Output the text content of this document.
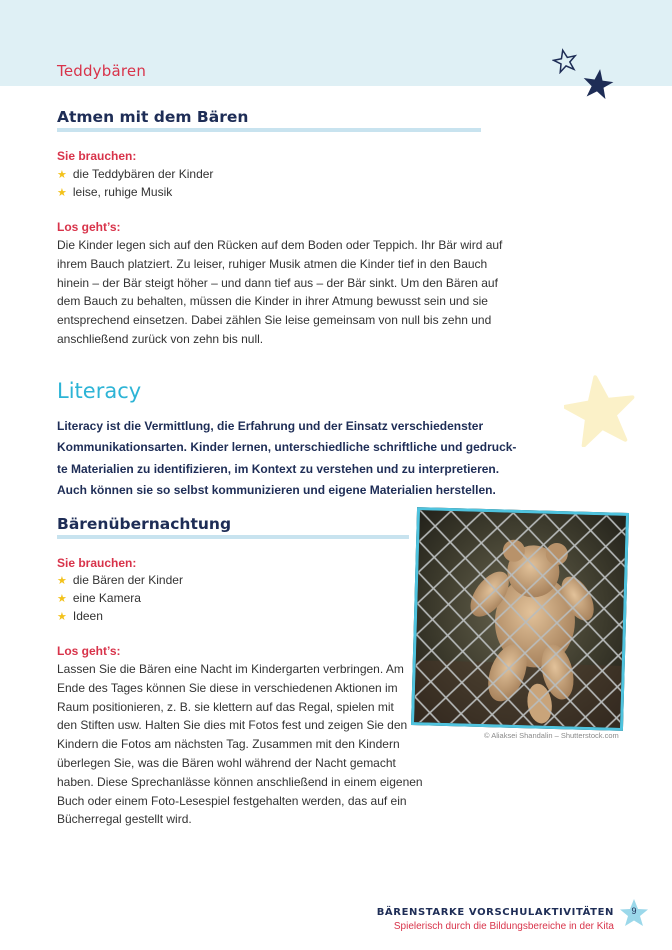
Teddybären
Atmen mit dem Bären
Sie brauchen:
★ die Teddybären der Kinder
★ leise, ruhige Musik
Los geht’s:
Die Kinder legen sich auf den Rücken auf dem Boden oder Teppich. Ihr Bär wird auf
ihrem Bauch platziert. Zu leiser, ruhiger Musik atmen die Kinder tief in den Bauch
hinein – der Bär steigt höher – und dann tief aus – der Bär sinkt. Um den Bären auf
dem Bauch zu behalten, müssen die Kinder in ihrer Atmung bewusst sein und sie
entsprechend einsetzen. Dabei zählen Sie leise gemeinsam von null bis zehn und
anschließend zurück von zehn bis null.
Literacy
Literacy ist die Vermittlung, die Erfahrung und der Einsatz verschiedenster
Kommunikationsarten. Kinder lernen, unterschiedliche schriftliche und gedruck-
te Materialien zu identifizieren, im Kontext zu verstehen und zu interpretieren.
Auch können sie so selbst kommunizieren und eigene Materialien herstellen.
Bärenübernachtung
Sie brauchen:
★ die Bären der Kinder
★ eine Kamera
★ Ideen
Los geht’s:
Lassen Sie die Bären eine Nacht im Kindergarten verbringen. Am
Ende des Tages können Sie diese in verschiedenen Aktionen im
Raum positionieren, z. B. sie klettern auf das Regal, spielen mit
den Stiften usw. Halten Sie dies mit Fotos fest und zeigen Sie den
Kindern die Fotos am nächsten Tag. Zusammen mit den Kindern
überlegen Sie, was die Bären wohl während der Nacht gemacht
haben. Diese Sprechanlässe können anschließend in einem eigenen
Buch oder einem Foto-Lesespiel festgehalten werden, das auf ein
Bücherregal gestellt wird.
© Aliaksei Shandalin – Shutterstock.com
BÄRENSTARKE VORSCHULAKTIVITÄTEN
Spielerisch durch die Bildungsbereiche in der Kita
9
